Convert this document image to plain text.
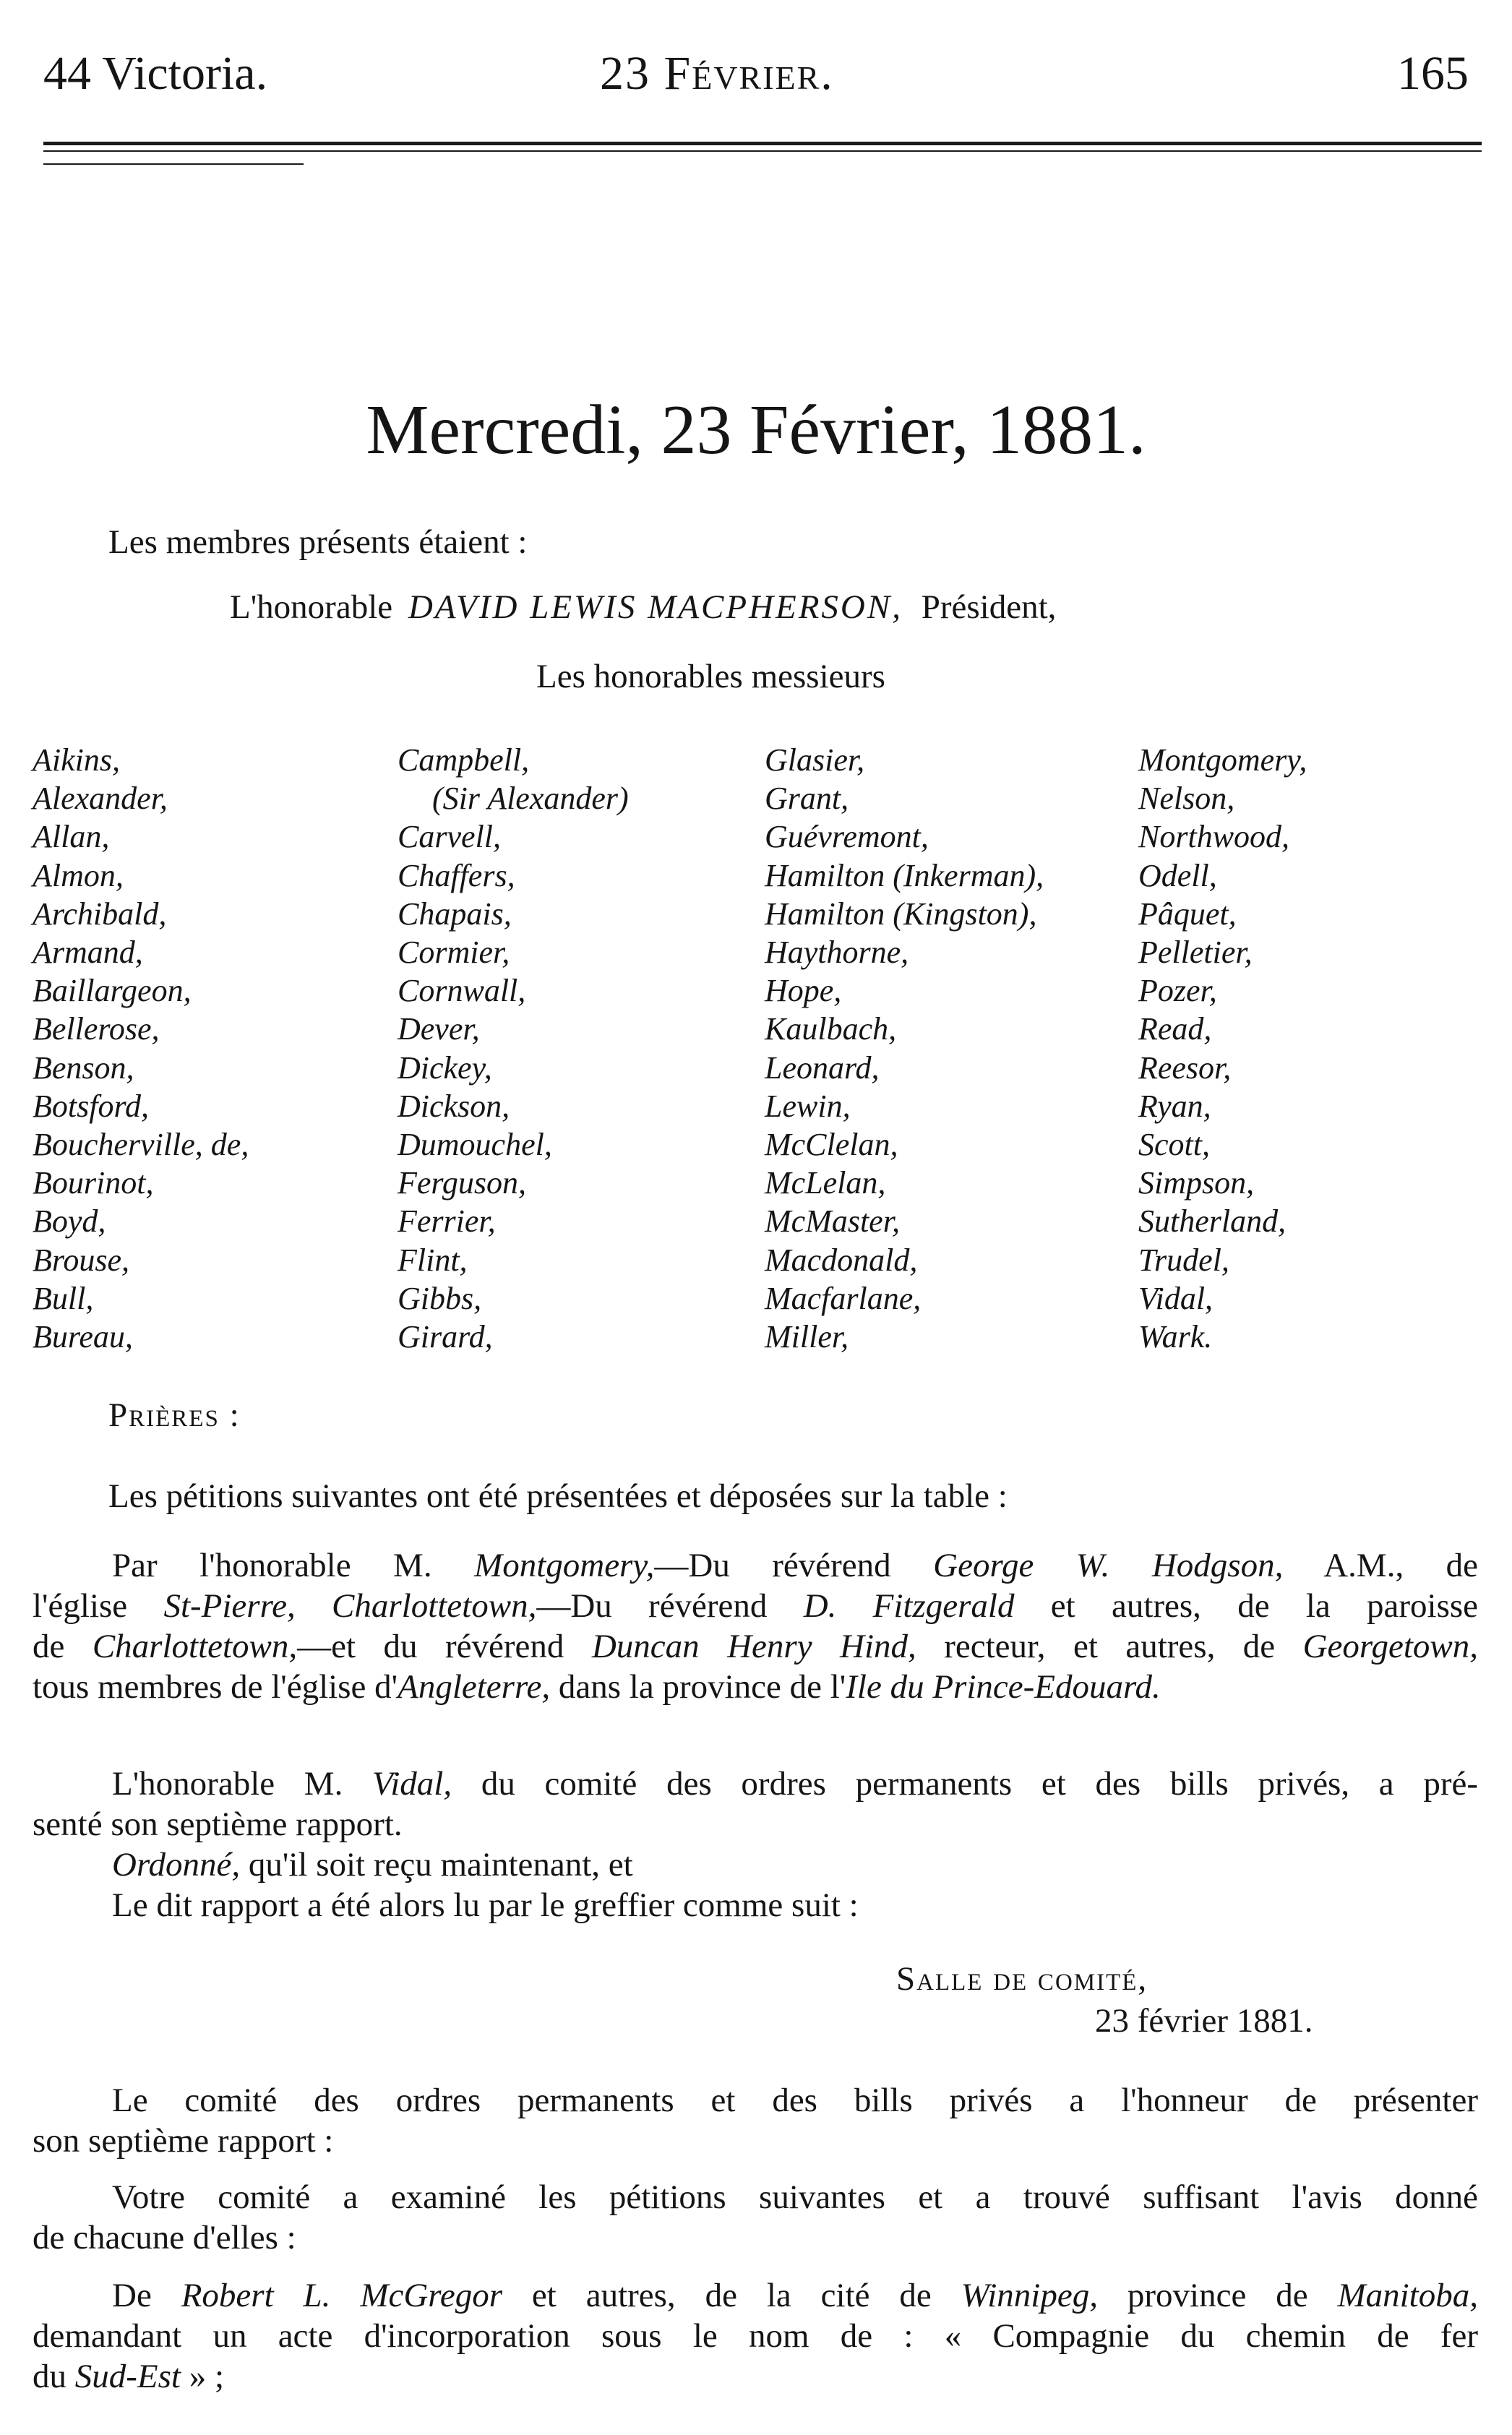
44 Victoria.	23 Février.	165
Mercredi, 23 Février, 1881.
Les membres présents étaient :
L'honorable DAVID LEWIS MACPHERSON, Président,
Les honorables messieurs
Aikins,
Alexander,
Allan,
Almon,
Archibald,
Armand,
Baillargeon,
Bellerose,
Benson,
Botsford,
Boucherville, de,
Bourinot,
Boyd,
Brouse,
Bull,
Bureau,
Campbell,
(Sir Alexander)
Carvell,
Chaffers,
Chapais,
Cormier,
Cornwall,
Dever,
Dickey,
Dickson,
Dumouchel,
Ferguson,
Ferrier,
Flint,
Gibbs,
Girard,
Glasier,
Grant,
Guévremont,
Hamilton (Inkerman),
Hamilton (Kingston),
Haythorne,
Hope,
Kaulbach,
Leonard,
Lewin,
McClelan,
McLelan,
McMaster,
Macdonald,
Macfarlane,
Miller,
Montgomery,
Nelson,
Northwood,
Odell,
Pâquet,
Pelletier,
Pozer,
Read,
Reesor,
Ryan,
Scott,
Simpson,
Sutherland,
Trudel,
Vidal,
Wark.
Prières :
Les pétitions suivantes ont été présentées et déposées sur la table :
Par l'honorable M. Montgomery,—Du révérend George W. Hodgson, A.M., de
l'église St-Pierre, Charlottetown,—Du révérend D. Fitzgerald et autres, de la paroisse
de Charlottetown,—et du révérend Duncan Henry Hind, recteur, et autres, de Georgetown,
tous membres de l'église d'Angleterre, dans la province de l'Ile du Prince-Edouard.
L'honorable M. Vidal, du comité des ordres permanents et des bills privés, a pré-
senté son septième rapport.
Ordonné, qu'il soit reçu maintenant, et
Le dit rapport a été alors lu par le greffier comme suit :
Salle de comité,
23 février 1881.
Le comité des ordres permanents et des bills privés a l'honneur de présenter
son septième rapport :
Votre comité a examiné les pétitions suivantes et a trouvé suffisant l'avis donné
de chacune d'elles :
De Robert L. McGregor et autres, de la cité de Winnipeg, province de Manitoba,
demandant un acte d'incorporation sous le nom de : « Compagnie du chemin de fer
du Sud-Est » ;
